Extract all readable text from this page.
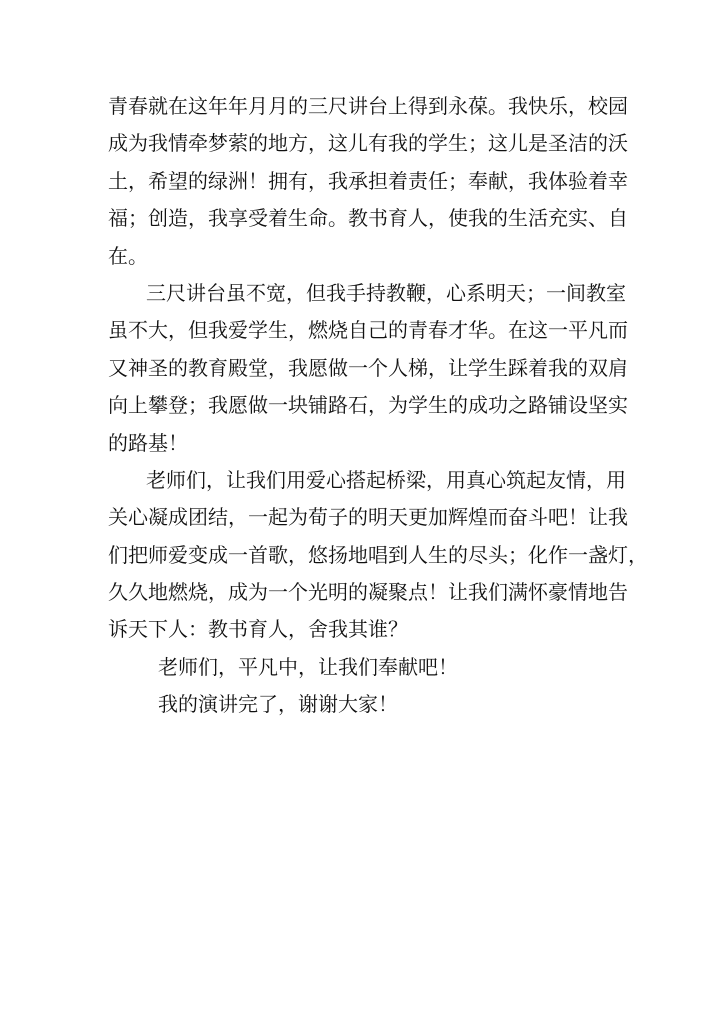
青春就在这年年月月的三尺讲台上得到永葆。我快乐，校园
成为我情牵梦萦的地方，这儿有我的学生；这儿是圣洁的沃
土，希望的绿洲！拥有，我承担着责任；奉献，我体验着幸
福；创造，我享受着生命。教书育人，使我的生活充实、自
在。

三尺讲台虽不宽，但我手持教鞭，心系明天；一间教室
虽不大，但我爱学生，燃烧自己的青春才华。在这一平凡而
又神圣的教育殿堂，我愿做一个人梯，让学生踩着我的双肩
向上攀登；我愿做一块铺路石，为学生的成功之路铺设坚实
的路基！

老师们，让我们用爱心搭起桥梁，用真心筑起友情，用
关心凝成团结，一起为荀子的明天更加辉煌而奋斗吧！让我
们把师爱变成一首歌，悠扬地唱到人生的尽头；化作一盏灯，
久久地燃烧，成为一个光明的凝聚点！让我们满怀豪情地告
诉天下人：教书育人，舍我其谁？

老师们，平凡中，让我们奉献吧！

我的演讲完了，谢谢大家！
